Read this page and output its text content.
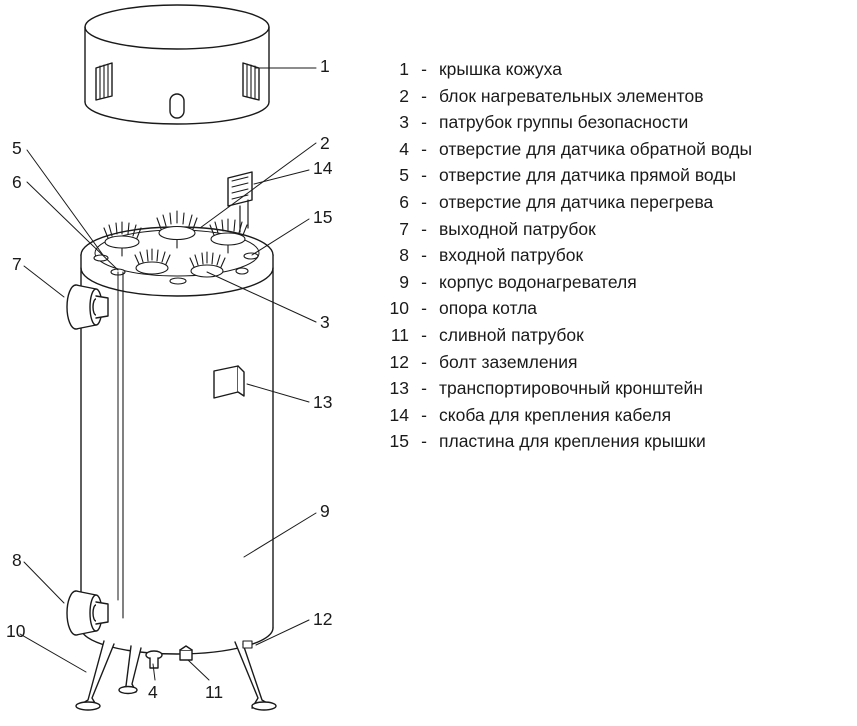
1
2
5
6
14
15
7
3
13
9
8
12
10
4	11
1 - крышка кожуха
2 - блок нагревательных элементов
3 - патрубок группы безопасности
4 - отверстие для датчика обратной воды
5 - отверстие для датчика прямой воды
6 - отверстие для датчика перегрева
7 - выходной патрубок
8 - входной патрубок
9 - корпус водонагревателя
10 - опора котла
11 - сливной патрубок
12 - болт заземления
13 - транспортировочный кронштейн
14 - скоба для крепления кабеля
15 - пластина для крепления крышки
